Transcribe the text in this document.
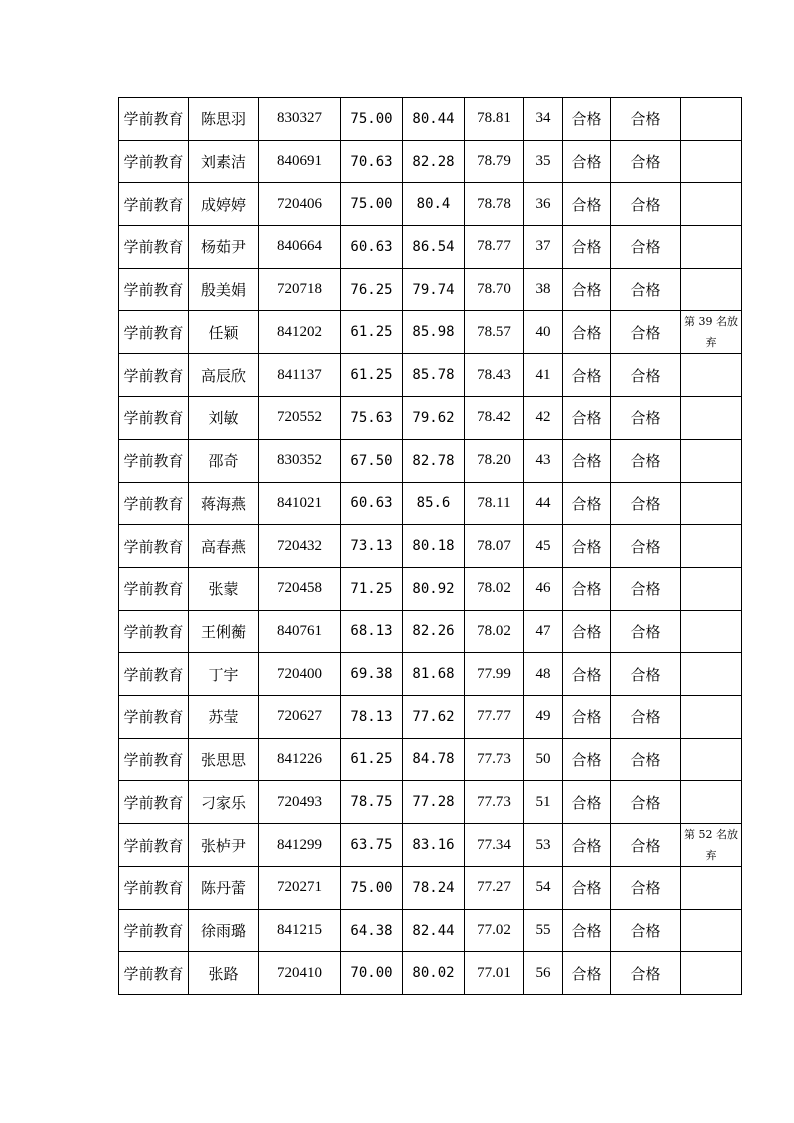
学前教育	陈思羽	830327	75.00	80.44	78.81	34	合格	合格	
学前教育	刘素洁	840691	70.63	82.28	78.79	35	合格	合格	
学前教育	成婷婷	720406	75.00	80.4	78.78	36	合格	合格	
学前教育	杨茹尹	840664	60.63	86.54	78.77	37	合格	合格	
学前教育	殷美娟	720718	76.25	79.74	78.70	38	合格	合格	
学前教育	任颖	841202	61.25	85.98	78.57	40	合格	合格	第 39 名放弃
学前教育	高辰欣	841137	61.25	85.78	78.43	41	合格	合格	
学前教育	刘敏	720552	75.63	79.62	78.42	42	合格	合格	
学前教育	邵奇	830352	67.50	82.78	78.20	43	合格	合格	
学前教育	蒋海燕	841021	60.63	85.6	78.11	44	合格	合格	
学前教育	高春燕	720432	73.13	80.18	78.07	45	合格	合格	
学前教育	张蒙	720458	71.25	80.92	78.02	46	合格	合格	
学前教育	王俐蘅	840761	68.13	82.26	78.02	47	合格	合格	
学前教育	丁宇	720400	69.38	81.68	77.99	48	合格	合格	
学前教育	苏莹	720627	78.13	77.62	77.77	49	合格	合格	
学前教育	张思思	841226	61.25	84.78	77.73	50	合格	合格	
学前教育	刁家乐	720493	78.75	77.28	77.73	51	合格	合格	
学前教育	张栌尹	841299	63.75	83.16	77.34	53	合格	合格	第 52 名放弃
学前教育	陈丹蕾	720271	75.00	78.24	77.27	54	合格	合格	
学前教育	徐雨璐	841215	64.38	82.44	77.02	55	合格	合格	
学前教育	张路	720410	70.00	80.02	77.01	56	合格	合格	
